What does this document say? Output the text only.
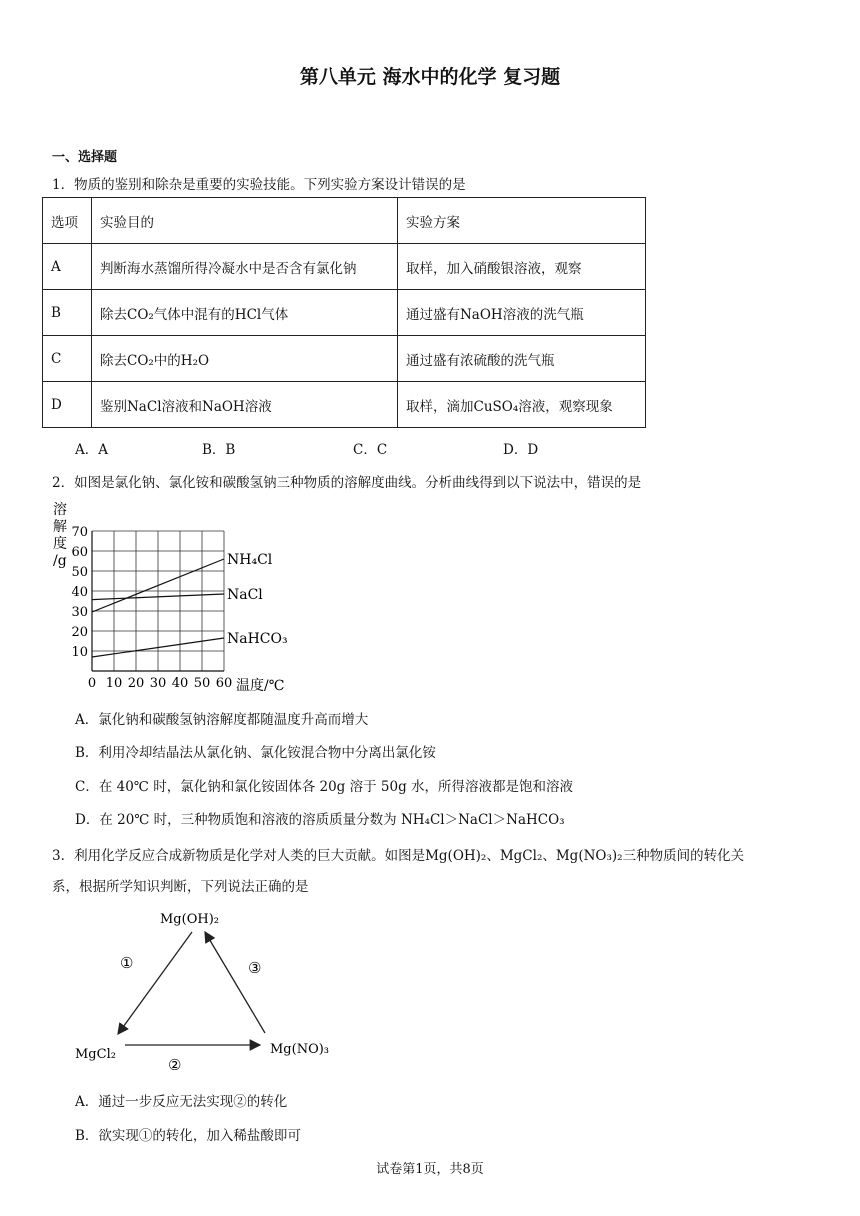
第八单元 海水中的化学 复习题
一、选择题
1．物质的鉴别和除杂是重要的实验技能。下列实验方案设计错误的是
选项	实验目的	实验方案
A	判断海水蒸馏所得冷凝水中是否含有氯化钠	取样，加入硝酸银溶液，观察
B	除去CO₂气体中混有的HCl气体	通过盛有NaOH溶液的洗气瓶
C	除去CO₂中的H₂O	通过盛有浓硫酸的洗气瓶
D	鉴别NaCl溶液和NaOH溶液	取样，滴加CuSO₄溶液，观察现象
A．A	B．B	C．C	D．D
2．如图是氯化钠、氯化铵和碳酸氢钠三种物质的溶解度曲线。分析曲线得到以下说法中，错误的是
NH₄Cl
NaCl
NaHCO₃
0 10 20 30 40 50 60
10
20
30
40
50
60
70
温度/℃
溶
解
度
/g
A．氯化钠和碳酸氢钠溶解度都随温度升高而增大
B．利用冷却结晶法从氯化钠、氯化铵混合物中分离出氯化铵
C．在 40℃ 时，氯化钠和氯化铵固体各 20g 溶于 50g 水，所得溶液都是饱和溶液
D．在 20℃ 时，三种物质饱和溶液的溶质质量分数为 NH₄Cl＞NaCl＞NaHCO₃
3．利用化学反应合成新物质是化学对人类的巨大贡献。如图是Mg(OH)₂、MgCl₂、Mg(NO₃)₂三种物质间的转化关
系，根据所学知识判断，下列说法正确的是
Mg(OH)₂
MgCl₂	Mg(NO)₃
①
②
③
A．通过一步反应无法实现②的转化
B．欲实现①的转化，加入稀盐酸即可
试卷第1页，共8页
